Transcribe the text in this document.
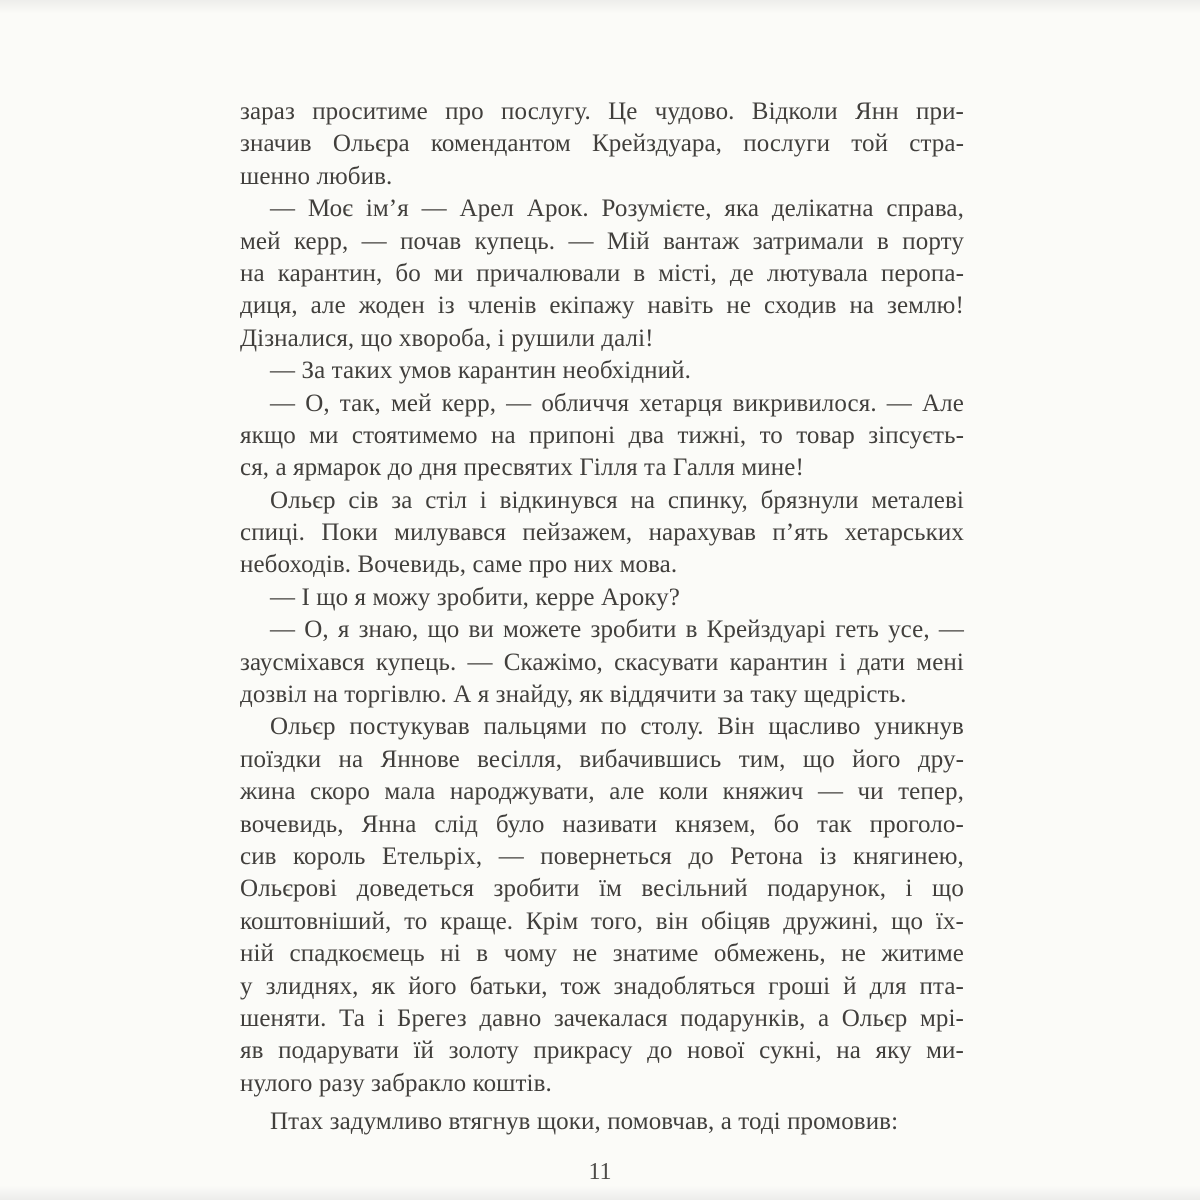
зараз проситиме про послугу. Це чудово. Відколи Янн при-
значив Ольєра комендантом Крейздуара, послуги той стра-
шенно любив.
— Моє ім’я — Арел Арок. Розумієте, яка делікатна справа,
мей керр, — почав купець. — Мій вантаж затримали в порту
на карантин, бо ми причалювали в місті, де лютувала перопа-
диця, але жоден із членів екіпажу навіть не сходив на землю!
Дізналися, що хвороба, і рушили далі!
— За таких умов карантин необхідний.
— О, так, мей керр, — обличчя хетарця викривилося. — Але
якщо ми стоятимемо на припоні два тижні, то товар зіпсуєть-
ся, а ярмарок до дня пресвятих Гілля та Галля мине!
Ольєр сів за стіл і відкинувся на спинку, брязнули металеві
спиці. Поки милувався пейзажем, нарахував п’ять хетарських
небоходів. Вочевидь, саме про них мова.
— І що я можу зробити, керре Ароку?
— О, я знаю, що ви можете зробити в Крейздуарі геть усе, —
заусміхався купець. — Скажімо, скасувати карантин і дати мені
дозвіл на торгівлю. А я знайду, як віддячити за таку щедрість.
Ольєр постукував пальцями по столу. Він щасливо уникнув
поїздки на Яннове весілля, вибачившись тим, що його дру-
жина скоро мала народжувати, але коли княжич — чи тепер,
вочевидь, Янна слід було називати князем, бо так проголо-
сив король Етельріх, — повернеться до Ретона із княгинею,
Ольєрові доведеться зробити їм весільний подарунок, і що
коштовніший, то краще. Крім того, він обіцяв дружині, що їх-
ній спадкоємець ні в чому не знатиме обмежень, не житиме
у злиднях, як його батьки, тож знадобляться гроші й для пта-
шеняти. Та і Брегез давно зачекалася подарунків, а Ольєр мрі-
яв подарувати їй золоту прикрасу до нової сукні, на яку ми-
нулого разу забракло коштів.
Птах задумливо втягнув щоки, помовчав, а тоді промовив:
11
